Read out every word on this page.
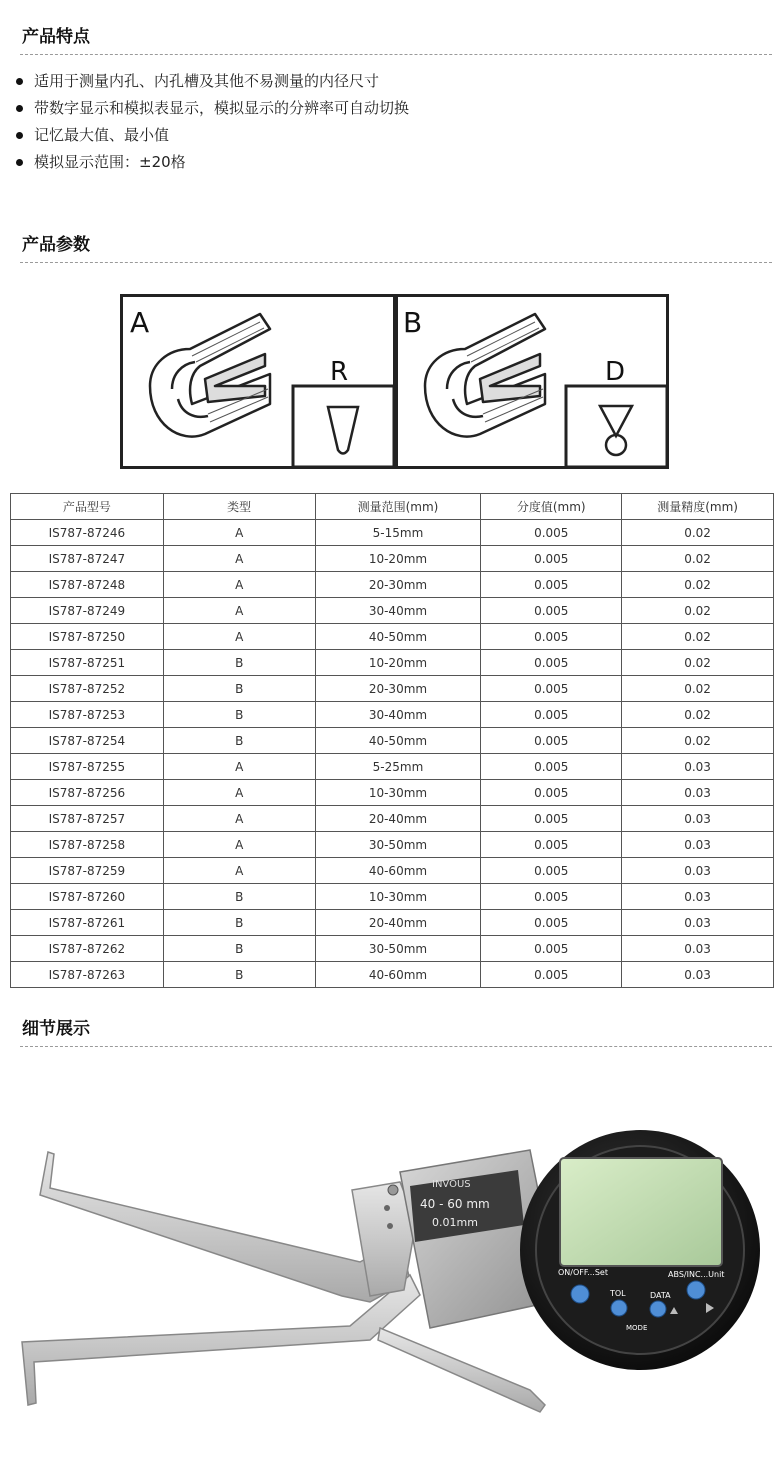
产品特点
适用于测量内孔、内孔槽及其他不易测量的内径尺寸
带数字显示和模拟表显示，模拟显示的分辨率可自动切换
记忆最大值、最小值
模拟显示范围：±20格
产品参数
A	B
R	D
产品型号	类型	测量范围(mm)	分度值(mm)	测量精度(mm)
IS787-87246	A	5-15mm	0.005	0.02
IS787-87247	A	10-20mm	0.005	0.02
IS787-87248	A	20-30mm	0.005	0.02
IS787-87249	A	30-40mm	0.005	0.02
IS787-87250	A	40-50mm	0.005	0.02
IS787-87251	B	10-20mm	0.005	0.02
IS787-87252	B	20-30mm	0.005	0.02
IS787-87253	B	30-40mm	0.005	0.02
IS787-87254	B	40-50mm	0.005	0.02
IS787-87255	A	5-25mm	0.005	0.03
IS787-87256	A	10-30mm	0.005	0.03
IS787-87257	A	20-40mm	0.005	0.03
IS787-87258	A	30-50mm	0.005	0.03
IS787-87259	A	40-60mm	0.005	0.03
IS787-87260	B	10-30mm	0.005	0.03
IS787-87261	B	20-40mm	0.005	0.03
IS787-87262	B	30-50mm	0.005	0.03
IS787-87263	B	40-60mm	0.005	0.03
细节展示
INVOUS
40 - 60 mm
0.01mm
ON/OFF...Set	ABS/INC...Unit
TOL	DATA
MODE
